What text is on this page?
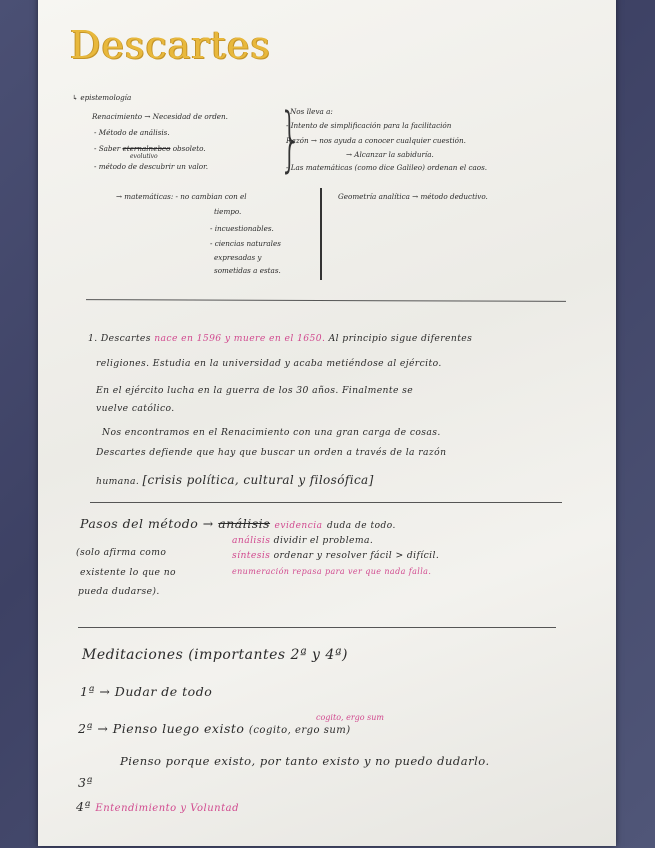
Descartes
↳ epistemología
Renacimiento → Necesidad de orden.
- Método de análisis.
- Saber eternalnebco obsoleto.
evolutivo
- método de descubrir un valor. }
Nos lleva a:
- Intento de simplificación para la facilitación
Razón → nos ayuda a conocer cualquier cuestión.
→ Alcanzar la sabiduría.
- Las matemáticas (como dice Galileo) ordenan el caos.
→ matemáticas: - no cambian con el
tiempo.
- incuestionables.
- ciencias naturales
expresadas y
sometidas a estas.
Geometría analítica → método deductivo.
1. Descartes nace en 1596 y muere en el 1650. Al principio sigue diferentes
religiones. Estudia en la universidad y acaba metiéndose al ejército.
En el ejército lucha en la guerra de los 30 años. Finalmente se
vuelve católico.
Nos encontramos en el Renacimiento con una gran carga de cosas.
Descartes defiende que hay que buscar un orden a través de la razón
humana. [crisis política, cultural y filosófica]
Pasos del método → análisis evidencia duda de todo.
análisis dividir el problema.
síntesis ordenar y resolver fácil > difícil.
enumeración repasa para ver que nada falla.
(solo afirma como
existente lo que no
pueda dudarse).
Meditaciones (importantes 2ª y 4ª)
1ª → Dudar de todo
2ª → Pienso luego existo (cogito, ergo sum)
cogito, ergo sum
Pienso porque existo, por tanto existo y no puedo dudarlo.
3ª
4ª Entendimiento y Voluntad
